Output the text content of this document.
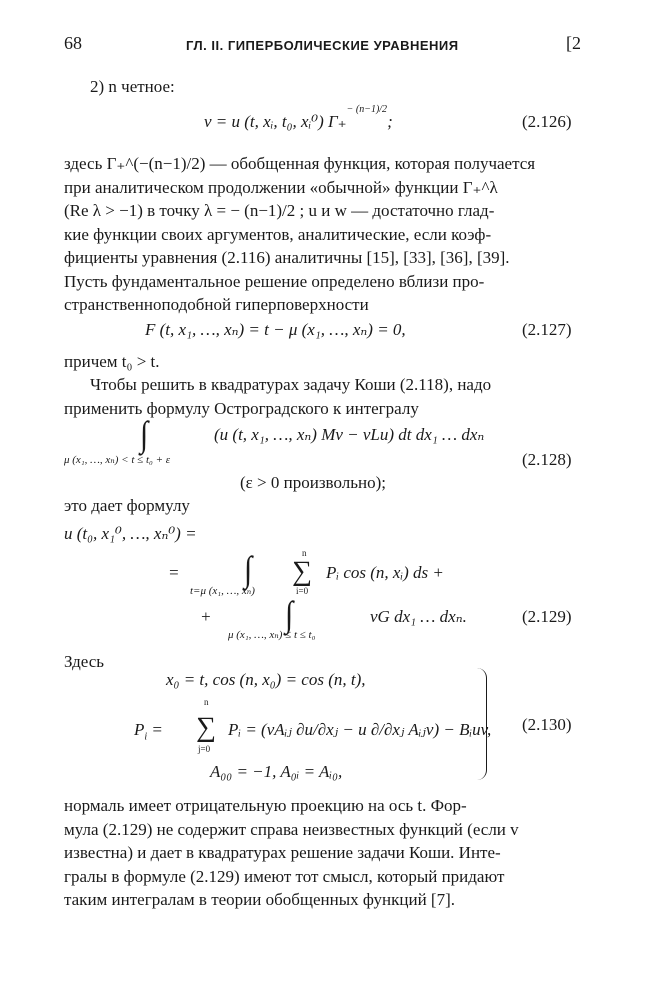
68	ГЛ. II. ГИПЕРБОЛИЧЕСКИЕ УРАВНЕНИЯ	[2
2) n четное:
v = u (t, xᵢ, t₀, xᵢ⁰) Γ₊$^{- (n-1)/2}$;	(2.126)
здесь Γ₊^(−(n−1)/2) — обобщенная функция, которая получается
при аналитическом продолжении «обычной» функции Γ₊^λ
(Re λ > −1) в точку λ = − (n−1)/2 ; u и w — достаточно глад-
кие функции своих аргументов, аналитические, если коэф-
фициенты уравнения (2.116) аналитичны [15], [33], [36], [39].
Пусть фундаментальное решение определено вблизи про-
странственноподобной гиперповерхности
F (t, x₁, …, xₙ) = t − μ (x₁, …, xₙ) = 0,	(2.127)
причем t₀ > t.
Чтобы решить в квадратурах задачу Коши (2.118), надо
применить формулу Остроградского к интегралу
∫	(u (t, x₁, …, xₙ) Mv − vLu) dt dx₁ … dxₙ
μ (x₁, …, xₙ) < t ≤ t₀ + ε	(2.128)
(ε > 0 произвольно);
это дает формулу
u (t₀, x₁⁰, …, xₙ⁰) =
= ∫	n
∑ Pᵢ cos (n, xᵢ) ds +
t=μ (x₁, …, xₙ)	i=0
+ ∫	vG dx₁ … dxₙ.
μ (x₁, …, xₙ) ≤ t ≤ t₀
(2.129)
Здесь
x₀ = t, cos (n, x₀) = cos (n, t),
n
$P_i$ = ∑ Pᵢ = (vAᵢⱼ ∂u/∂xⱼ − u ∂/∂xⱼ Aᵢⱼv) − Bᵢuv,
j=0
A₀₀ = −1, A₀ᵢ = Aᵢ₀,
(2.130)
нормаль имеет отрицательную проекцию на ось t. Фор-
мула (2.129) не содержит справа неизвестных функций (если v
известна) и дает в квадратурах решение задачи Коши. Инте-
гралы в формуле (2.129) имеют тот смысл, который придают
таким интегралам в теории обобщенных функций [7].
